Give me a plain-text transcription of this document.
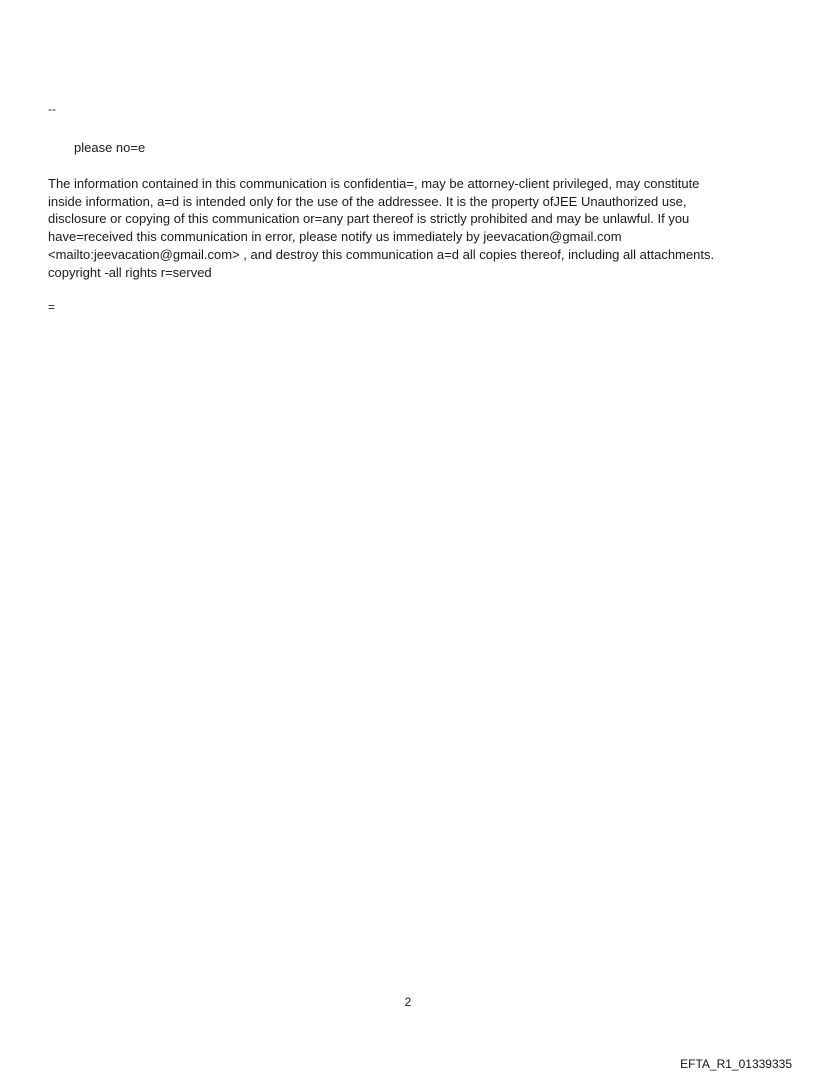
--
please no=e

The information contained in this communication is confidentia=, may be attorney-client privileged, may constitute
inside information, a=d is intended only for the use of the addressee. It is the property ofJEE Unauthorized use,
disclosure or copying of this communication or=any part thereof is strictly prohibited and may be unlawful. If you
have=received this communication in error, please notify us immediately by jeevacation@gmail.com
<mailto:jeevacation@gmail.com> , and destroy this communication a=d all copies thereof, including all attachments.
copyright -all rights r=served

=
2
EFTA_R1_01339335
